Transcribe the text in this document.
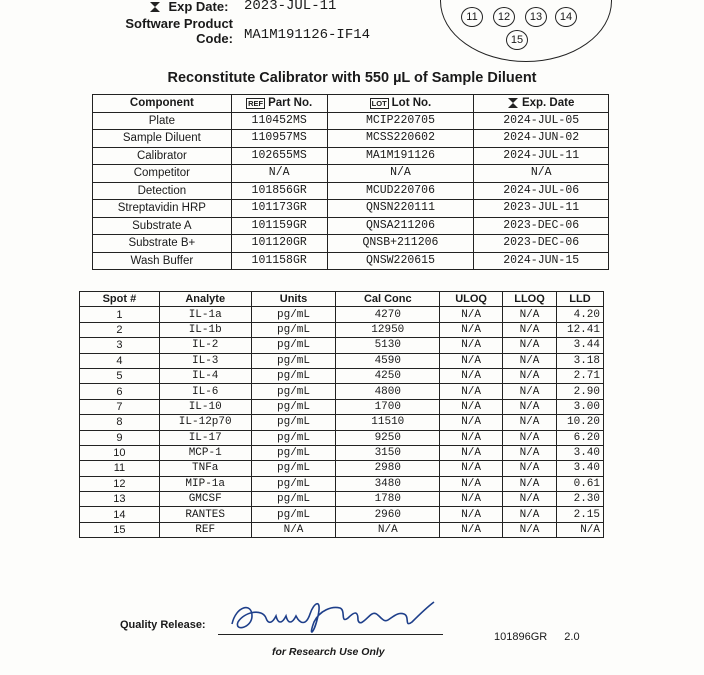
Exp Date:	2023-JUL-11
Software Product
Code: MA1M191126-IF14
11	12	13	14
15
Reconstitute Calibrator with 550 µL of Sample Diluent
Component	REF Part No.	LOT Lot No.	Exp. Date
Plate	110452MS	MCIP220705	2024-JUL-05
Sample Diluent	110957MS	MCSS220602	2024-JUN-02
Calibrator	102655MS	MA1M191126	2024-JUL-11
Competitor	N/A	N/A	N/A
Detection	101856GR	MCUD220706	2024-JUL-06
Streptavidin HRP	101173GR	QNSN220111	2023-JUL-11
Substrate A	101159GR	QNSA211206	2023-DEC-06
Substrate B+	101120GR	QNSB+211206	2023-DEC-06
Wash Buffer	101158GR	QNSW220615	2024-JUN-15
Spot #	Analyte	Units	Cal Conc	ULOQ	LLOQ	LLD
1	IL-1a	pg/mL	4270	N/A	N/A	4.20
2	IL-1b	pg/mL	12950	N/A	N/A	12.41
3	IL-2	pg/mL	5130	N/A	N/A	3.44
4	IL-3	pg/mL	4590	N/A	N/A	3.18
5	IL-4	pg/mL	4250	N/A	N/A	2.71
6	IL-6	pg/mL	4800	N/A	N/A	2.90
7	IL-10	pg/mL	1700	N/A	N/A	3.00
8	IL-12p70	pg/mL	11510	N/A	N/A	10.20
9	IL-17	pg/mL	9250	N/A	N/A	6.20
10	MCP-1	pg/mL	3150	N/A	N/A	3.40
11	TNFa	pg/mL	2980	N/A	N/A	3.40
12	MIP-1a	pg/mL	3480	N/A	N/A	0.61
13	GMCSF	pg/mL	1780	N/A	N/A	2.30
14	RANTES	pg/mL	2960	N/A	N/A	2.15
15	REF	N/A	N/A	N/A	N/A	N/A
Quality Release:
for Research Use Only
101896GR 2.0
